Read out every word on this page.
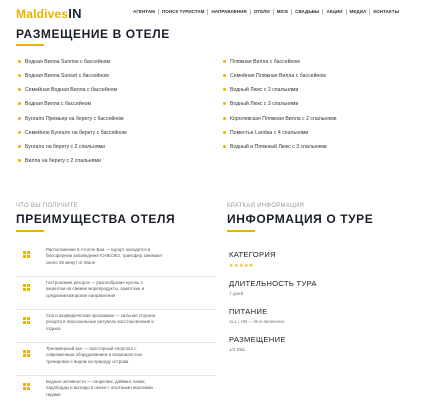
MaldivesIN	АГЕНТАМ	ПОИСК ТУРИСТАМ	НАПРАВЛЕНИЯ	ОТЕЛИ	MICE	СВАДЬБЫ	АКЦИИ	МЕДИА	КОНТАКТЫ
РАЗМЕЩЕНИЕ В ОТЕЛЕ
Водная Вилла Sunrise с бассейном
Водная Вилла Sunset с бассейном
Семейная Водная Вилла с бассейном
Водная Вилла с бассейном
Бунгало Премьер на берегу с бассейном
Семейное Бунгало на берегу с бассейном
Бунгало на берегу с 2 спальнями
Вилла на берегу с 2 спальнями
Пляжная Вилла с бассейном
Семейная Пляжная Вилла с бассейном
Водный Люкс с 2 спальнями
Водный Люкс с 3 спальнями
Королевская Пляжная Вилла с 2 спальнями
Поместье Landaa с 4 спальнями
Водный и Пляжный Люкс с 3 спальнями
ЧТО ВЫ ПОЛУЧИТЕ
ПРЕИМУЩЕСТВА ОТЕЛЯ
Расположение в Атолле Баа — курорт находится в
биосферном заповеднике ЮНЕСКО, трансфер занимает
около 35 минут от Мале
Гастрономия резорта — разнообразие кухонь с
акцентом на свежие морепродукты, азиатские и
средиземноморские направления
Спа и аюрведическая программа — сильная сторона
резорта в персональных ритуалах восстановления и
отдыха
Тренажёрный зал — просторный спортзал с
современным оборудованием и возможностью
тренировок с видом на природу острова
Водные активности — снорклинг, дайвинг, каяки,
падлборды и выходы в океан с опытными морскими
гидами
КРАТКАЯ ИНФОРМАЦИЯ
ИНФОРМАЦИЯ О ТУРЕ
КАТЕГОРИЯ
★★★★★
ДЛИТЕЛЬНОСТЬ ТУРА
7 дней
ПИТАНИЕ
ALL | HB — Все включено
РАЗМЕЩЕНИЕ
1/2 DBL
